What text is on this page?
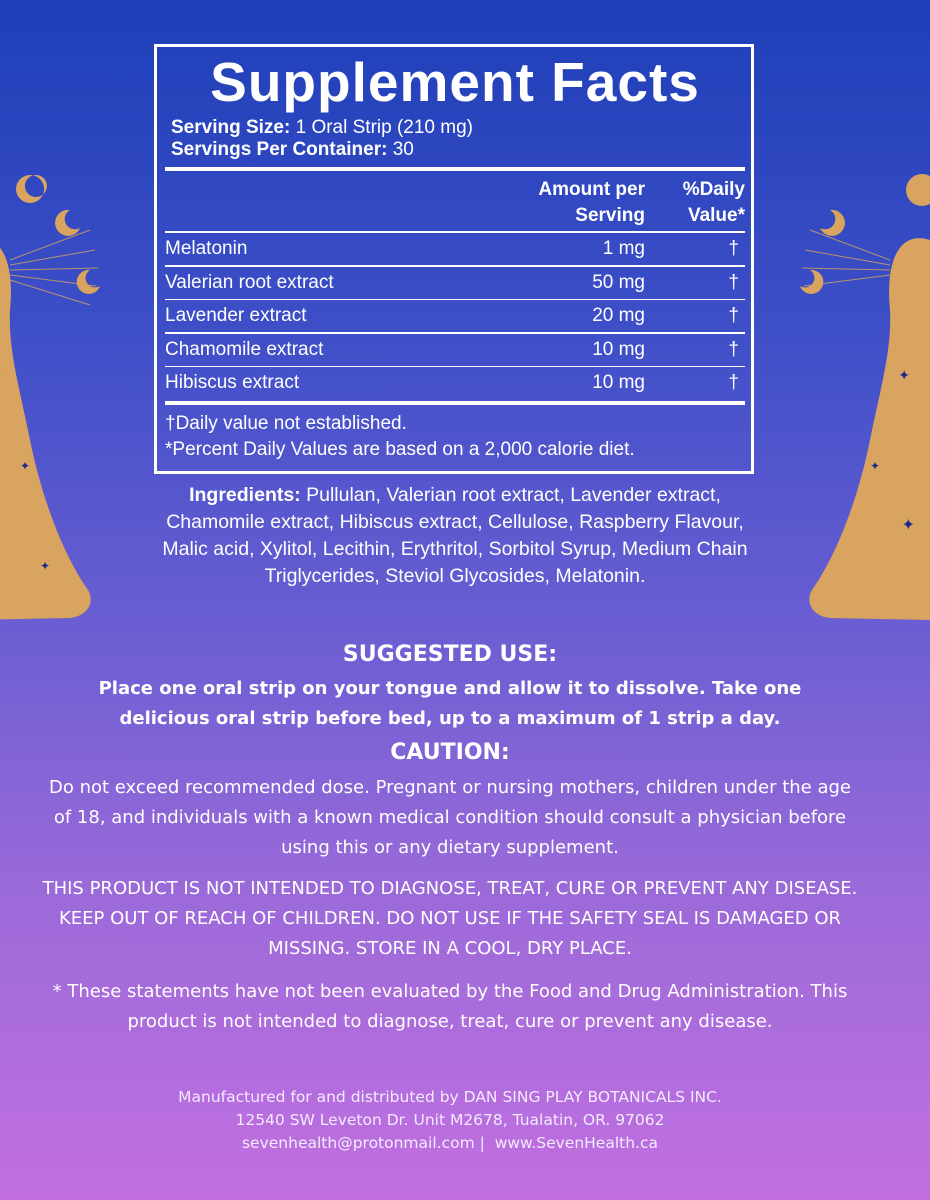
✦
✦
✦
✦
✦
Supplement Facts
Serving Size: 1 Oral Strip (210 mg)
Servings Per Container: 30
Amount per
Serving
%Daily
Value*
Melatonin	1 mg	†
Valerian root extract	50 mg	†
Lavender extract	20 mg	†
Chamomile extract	10 mg	†
Hibiscus extract	10 mg	†
†Daily value not established.
*Percent Daily Values are based on a 2,000 calorie diet.
Ingredients: Pullulan, Valerian root extract, Lavender extract, Chamomile extract, Hibiscus extract, Cellulose, Raspberry Flavour, Malic acid, Xylitol, Lecithin, Erythritol, Sorbitol Syrup, Medium Chain Triglycerides, Steviol Glycosides, Melatonin.
SUGGESTED USE:
Place one oral strip on your tongue and allow it to dissolve. Take one delicious oral strip before bed, up to a maximum of 1 strip a day.
CAUTION:
Do not exceed recommended dose. Pregnant or nursing mothers, children under the age of 18, and individuals with a known medical condition should consult a physician before using this or any dietary supplement.
THIS PRODUCT IS NOT INTENDED TO DIAGNOSE, TREAT, CURE OR PREVENT ANY DISEASE. KEEP OUT OF REACH OF CHILDREN. DO NOT USE IF THE SAFETY SEAL IS DAMAGED OR MISSING. STORE IN A COOL, DRY PLACE.
* These statements have not been evaluated by the Food and Drug Administration. This product is not intended to diagnose, treat, cure or prevent any disease.
Manufactured for and distributed by DAN SING PLAY BOTANICALS INC.
12540 SW Leveton Dr. Unit M2678, Tualatin, OR. 97062
sevenhealth@protonmail.com |  www.SevenHealth.ca
